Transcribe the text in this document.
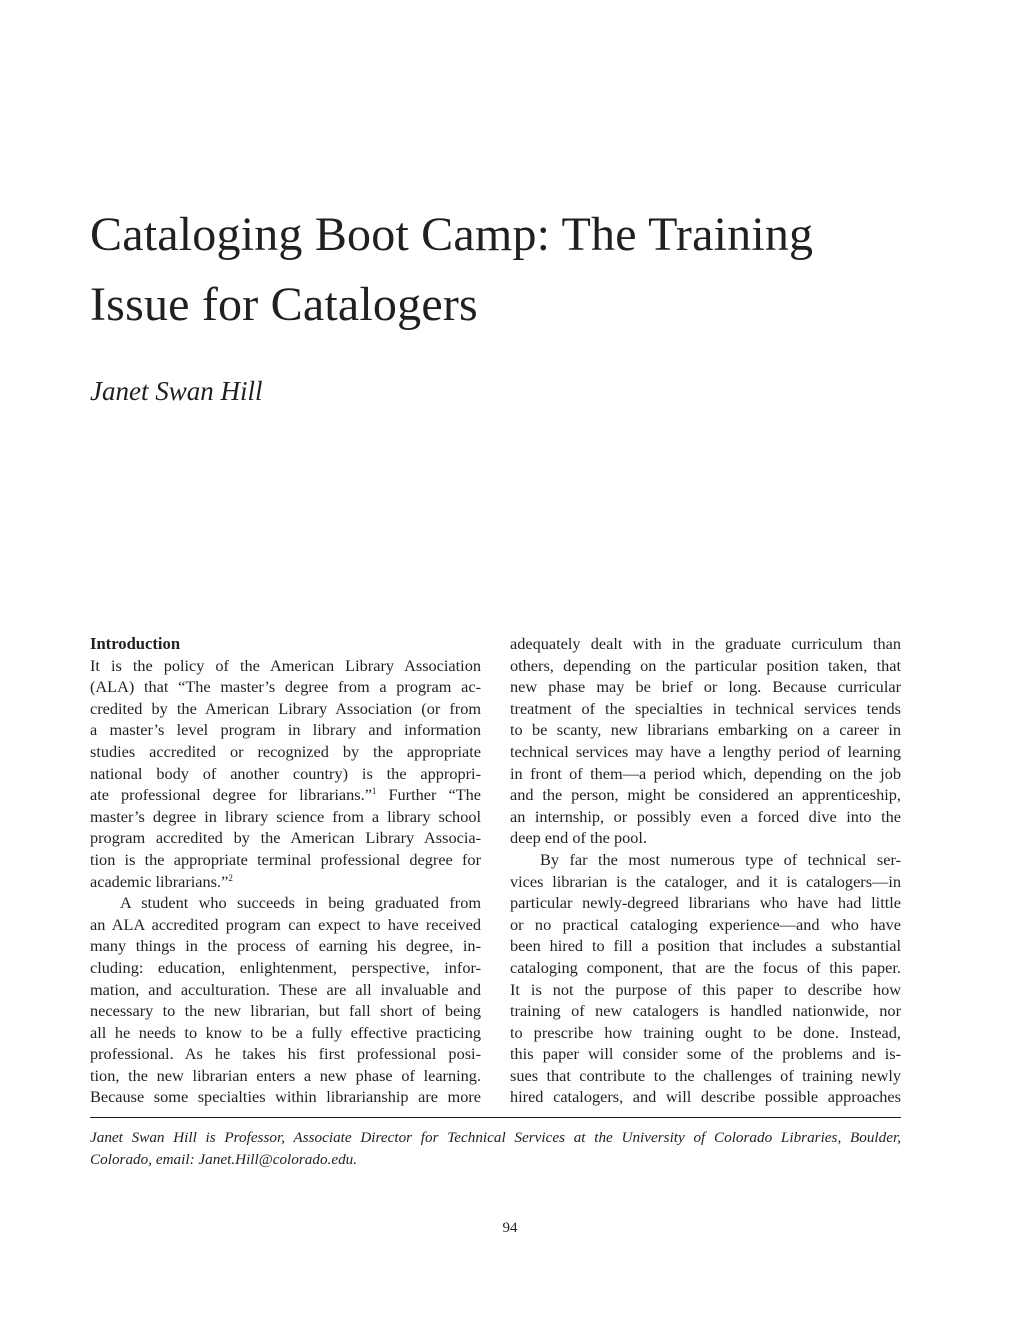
Cataloging Boot Camp: The Training
Issue for Catalogers
Janet Swan Hill
Introduction
It is the policy of the American Library Association
(ALA) that “The master’s degree from a program ac-
credited by the American Library Association (or from
a master’s level program in library and information
studies accredited or recognized by the appropriate
national body of another country) is the appropri-
ate professional degree for librarians.”$^1$ Further “The
master’s degree in library science from a library school
program accredited by the American Library Associa-
tion is the appropriate terminal professional degree for
academic librarians.”$^2$
A student who succeeds in being graduated from
an ALA accredited program can expect to have received
many things in the process of earning his degree, in-
cluding: education, enlightenment, perspective, infor-
mation, and acculturation. These are all invaluable and
necessary to the new librarian, but fall short of being
all he needs to know to be a fully effective practicing
professional. As he takes his first professional posi-
tion, the new librarian enters a new phase of learning.
Because some specialties within librarianship are more
adequately dealt with in the graduate curriculum than
others, depending on the particular position taken, that
new phase may be brief or long. Because curricular
treatment of the specialties in technical services tends
to be scanty, new librarians embarking on a career in
technical services may have a lengthy period of learning
in front of them—a period which, depending on the job
and the person, might be considered an apprenticeship,
an internship, or possibly even a forced dive into the
deep end of the pool.
By far the most numerous type of technical ser-
vices librarian is the cataloger, and it is catalogers—in
particular newly-degreed librarians who have had little
or no practical cataloging experience—and who have
been hired to fill a position that includes a substantial
cataloging component, that are the focus of this paper.
It is not the purpose of this paper to describe how
training of new catalogers is handled nationwide, nor
to prescribe how training ought to be done. Instead,
this paper will consider some of the problems and is-
sues that contribute to the challenges of training newly
hired catalogers, and will describe possible approaches
Janet Swan Hill is Professor, Associate Director for Technical Services at the University of Colorado Libraries, Boulder,
Colorado, email: Janet.Hill@colorado.edu.
94
